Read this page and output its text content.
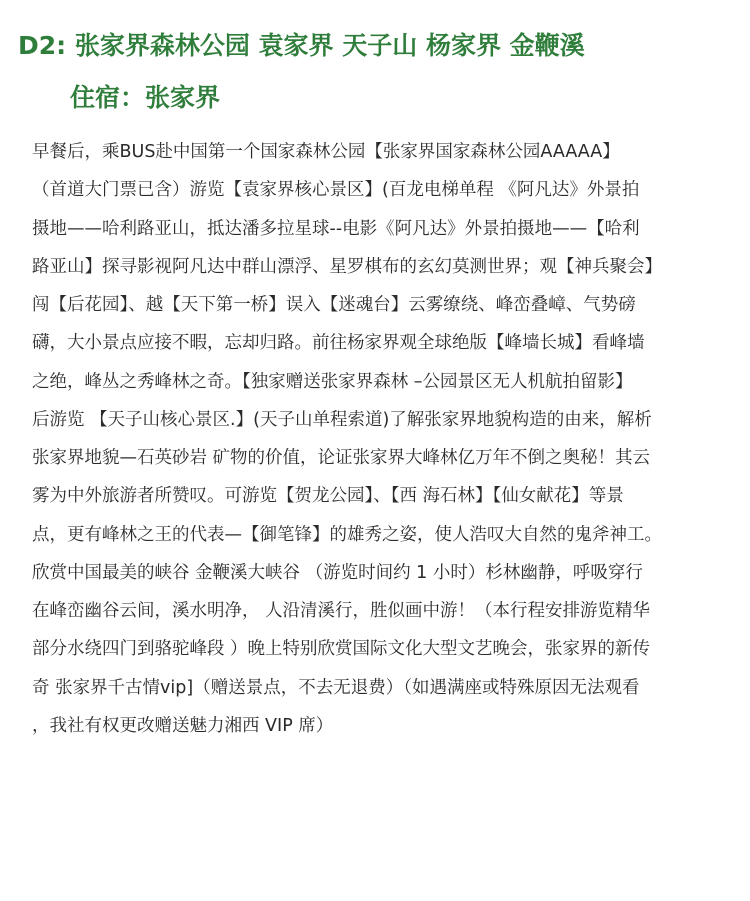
D2: 张家界森林公园 袁家界 天子山 杨家界 金鞭溪
住宿：张家界
早餐后，乘BUS赴中国第一个国家森林公园【张家界国家森林公园AAAAA】
（首道大门票已含）游览【袁家界核心景区】(百龙电梯单程 《阿凡达》外景拍
摄地——哈利路亚山，抵达潘多拉星球--电影《阿凡达》外景拍摄地——【哈利
路亚山】探寻影视阿凡达中群山漂浮、星罗棋布的玄幻莫测世界；观【神兵聚会】
闯【后花园】、越【天下第一桥】误入【迷魂台】云雾缭绕、峰峦叠嶂、气势磅
礴，大小景点应接不暇，忘却归路。前往杨家界观全球绝版【峰墙长城】看峰墙
之绝，峰丛之秀峰林之奇。【独家赠送张家界森林 –公园景区无人机航拍留影】
后游览 【天子山核心景区.】(天子山单程索道)了解张家界地貌构造的由来，解析
张家界地貌—石英砂岩 矿物的价值，论证张家界大峰林亿万年不倒之奥秘！其云
雾为中外旅游者所赞叹。可游览【贺龙公园】、【西 海石林】【仙女献花】等景
点，更有峰林之王的代表—【御笔锋】的雄秀之姿，使人浩叹大自然的鬼斧神工。
欣赏中国最美的峡谷 金鞭溪大峡谷 （游览时间约 1 小时）杉林幽静，呼吸穿行
在峰峦幽谷云间，溪水明净， 人沿清溪行，胜似画中游！（本行程安排游览精华
部分水绕四门到骆驼峰段 ）晚上特别欣赏国际文化大型文艺晚会，张家界的新传
奇 张家界千古情vip]（赠送景点，不去无退费）（如遇满座或特殊原因无法观看
，我社有权更改赠送魅力湘西 VIP 席）
